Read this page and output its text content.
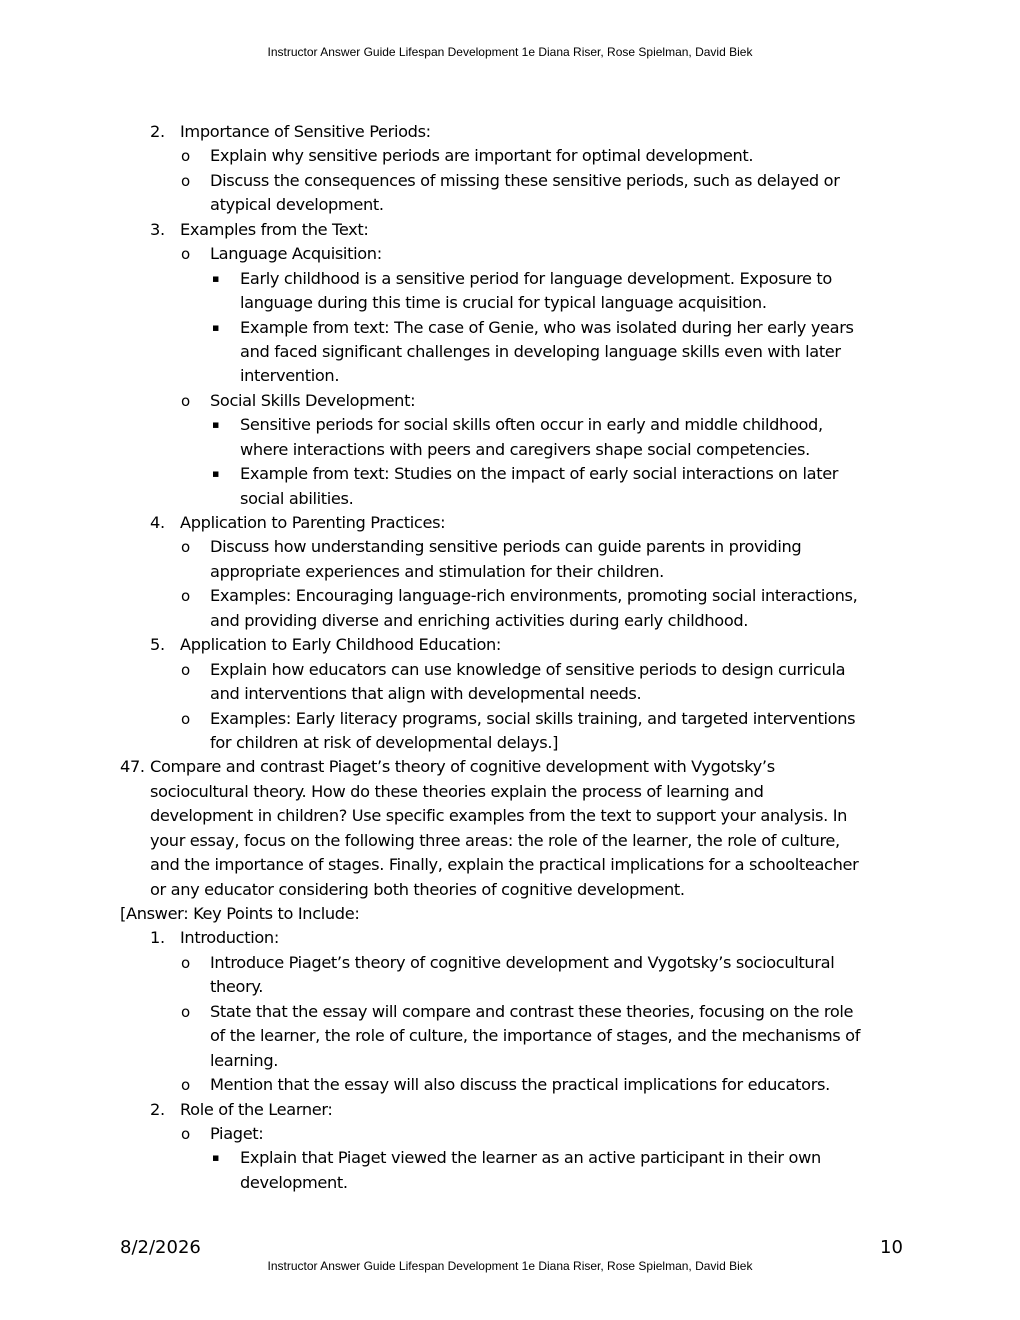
Instructor Answer Guide Lifespan Development 1e Diana Riser, Rose Spielman, David Biek
2. Importance of Sensitive Periods:
o Explain why sensitive periods are important for optimal development.
o Discuss the consequences of missing these sensitive periods, such as delayed or
atypical development.
3. Examples from the Text:
o Language Acquisition:
▪ Early childhood is a sensitive period for language development. Exposure to
language during this time is crucial for typical language acquisition.
▪ Example from text: The case of Genie, who was isolated during her early years
and faced significant challenges in developing language skills even with later
intervention.
o Social Skills Development:
▪ Sensitive periods for social skills often occur in early and middle childhood,
where interactions with peers and caregivers shape social competencies.
▪ Example from text: Studies on the impact of early social interactions on later
social abilities.
4. Application to Parenting Practices:
o Discuss how understanding sensitive periods can guide parents in providing
appropriate experiences and stimulation for their children.
o Examples: Encouraging language-rich environments, promoting social interactions,
and providing diverse and enriching activities during early childhood.
5. Application to Early Childhood Education:
o Explain how educators can use knowledge of sensitive periods to design curricula
and interventions that align with developmental needs.
o Examples: Early literacy programs, social skills training, and targeted interventions
for children at risk of developmental delays.]
47. Compare and contrast Piaget’s theory of cognitive development with Vygotsky’s
sociocultural theory. How do these theories explain the process of learning and
development in children? Use specific examples from the text to support your analysis. In
your essay, focus on the following three areas: the role of the learner, the role of culture,
and the importance of stages. Finally, explain the practical implications for a schoolteacher
or any educator considering both theories of cognitive development.
[Answer: Key Points to Include:
1. Introduction:
o Introduce Piaget’s theory of cognitive development and Vygotsky’s sociocultural
theory.
o State that the essay will compare and contrast these theories, focusing on the role
of the learner, the role of culture, the importance of stages, and the mechanisms of
learning.
o Mention that the essay will also discuss the practical implications for educators.
2. Role of the Learner:
o Piaget:
▪ Explain that Piaget viewed the learner as an active participant in their own
development.
8/2/2026	10
Instructor Answer Guide Lifespan Development 1e Diana Riser, Rose Spielman, David Biek
